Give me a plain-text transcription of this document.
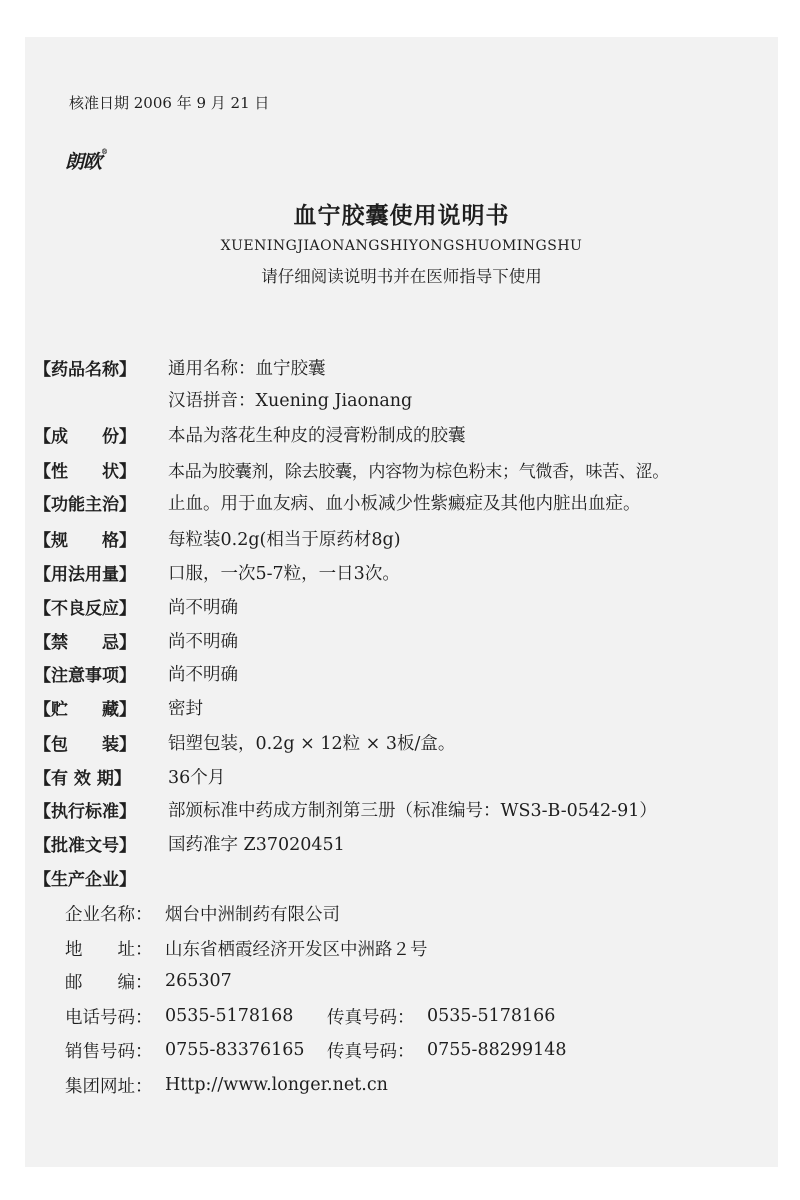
核准日期 2006 年 9 月 21 日
朗欧®
血宁胶囊使用说明书
XUENINGJIAONANGSHIYONGSHUOMINGSHU
请仔细阅读说明书并在医师指导下使用
【药品名称】	通用名称：血宁胶囊
汉语拼音：Xuening Jiaonang
【成　　份】	本品为落花生种皮的浸膏粉制成的胶囊
【性　　状】	本品为胶囊剂，除去胶囊，内容物为棕色粉末；气微香，味苦、涩。
【功能主治】	止血。用于血友病、血小板减少性紫癜症及其他内脏出血症。
【规　　格】	每粒装0.2g(相当于原药材8g)
【用法用量】	口服，一次5-7粒，一日3次。
【不良反应】	尚不明确
【禁　　忌】	尚不明确
【注意事项】	尚不明确
【贮　　藏】	密封
【包　　装】	铝塑包装，0.2g × 12粒 × 3板/盒。
【有 效 期】	36个月
【执行标准】	部颁标准中药成方制剂第三册（标准编号：WS3-B-0542-91）
【批准文号】	国药准字 Z37020451
【生产企业】
企业名称： 烟台中洲制药有限公司
地　　址： 山东省栖霞经济开发区中洲路２号
邮　　编： 265307
电话号码： 0535-5178168 传真号码： 0535-5178166
销售号码： 0755-83376165 传真号码： 0755-88299148
集团网址： Http://www.longer.net.cn
